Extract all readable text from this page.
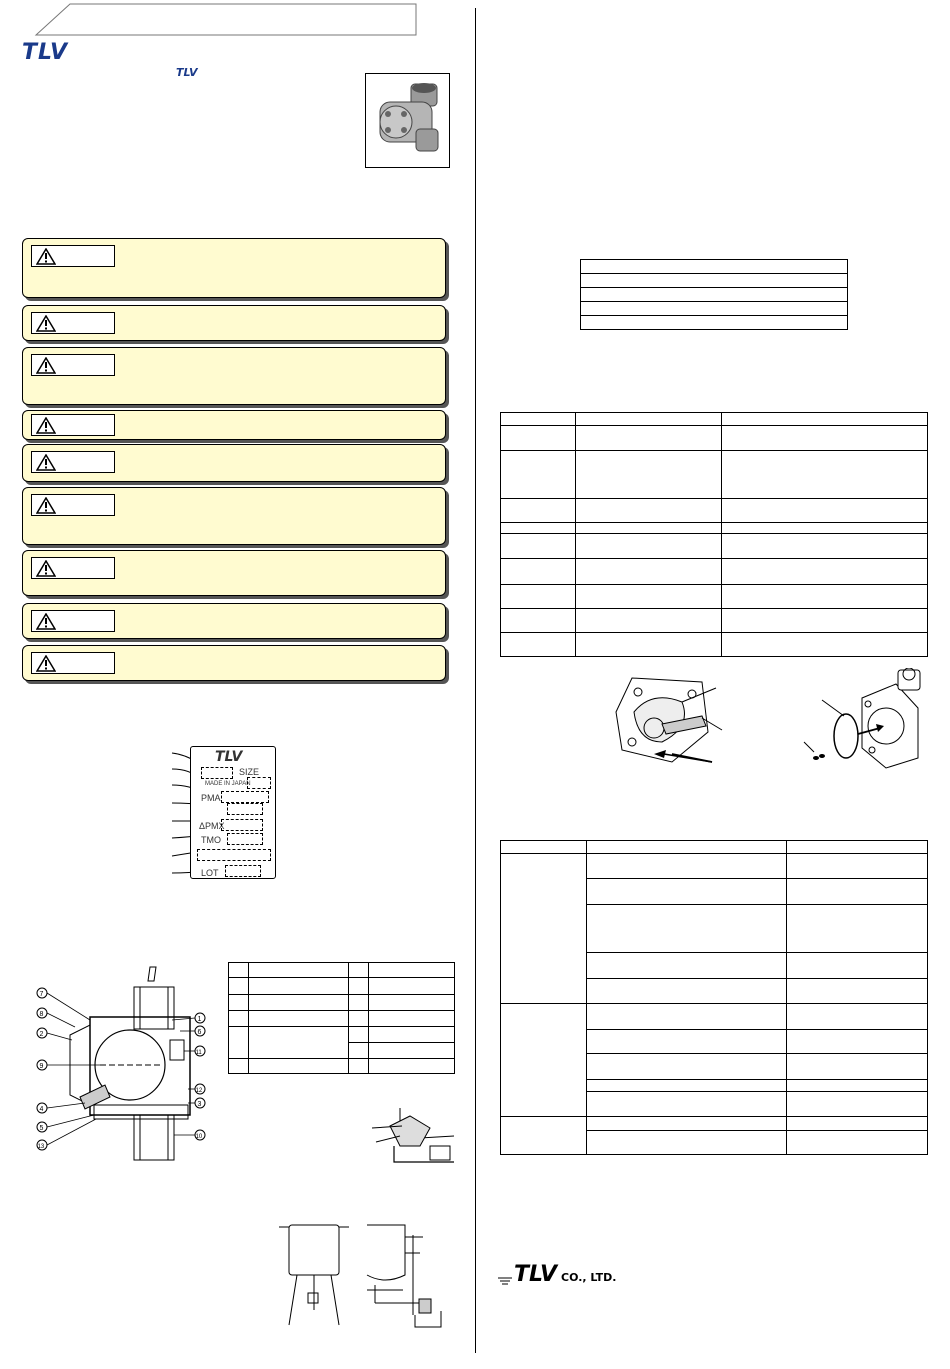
TLV
TLV
TLV
SIZE
MADE IN JAPAN
PMA
ΔPMX
TMO
LOT
7
8
2
9
4
5
13
1
6
11
12
3
10

TLV CO., LTD.
